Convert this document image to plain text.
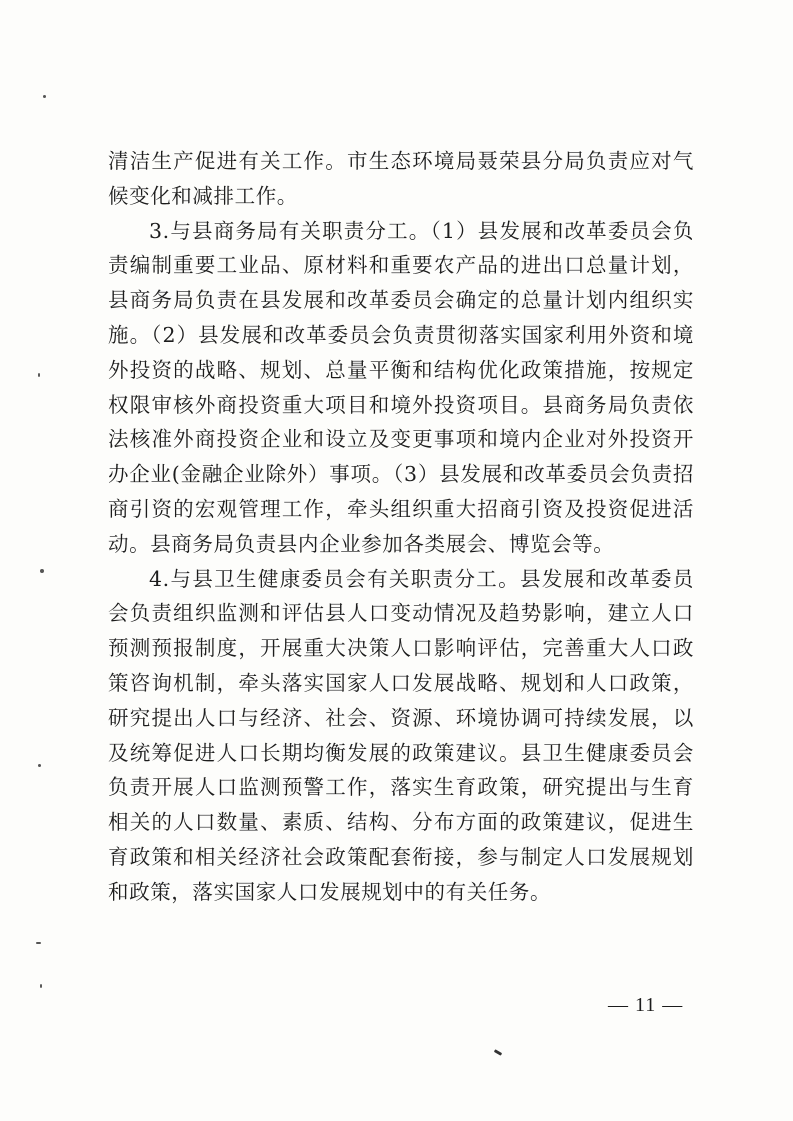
清洁生产促进有关工作。市生态环境局聂荣县分局负责应对气候变化和减排工作。

3.与县商务局有关职责分工。（1）县发展和改革委员会负责编制重要工业品、原材料和重要农产品的进出口总量计划，县商务局负责在县发展和改革委员会确定的总量计划内组织实施。（2）县发展和改革委员会负责贯彻落实国家利用外资和境外投资的战略、规划、总量平衡和结构优化政策措施，按规定权限审核外商投资重大项目和境外投资项目。县商务局负责依法核准外商投资企业和设立及变更事项和境内企业对外投资开办企业(金融企业除外）事项。（3）县发展和改革委员会负责招商引资的宏观管理工作，牵头组织重大招商引资及投资促进活动。县商务局负责县内企业参加各类展会、博览会等。

4.与县卫生健康委员会有关职责分工。县发展和改革委员会负责组织监测和评估县人口变动情况及趋势影响，建立人口预测预报制度，开展重大决策人口影响评估，完善重大人口政策咨询机制，牵头落实国家人口发展战略、规划和人口政策，研究提出人口与经济、社会、资源、环境协调可持续发展，以及统筹促进人口长期均衡发展的政策建议。县卫生健康委员会负责开展人口监测预警工作，落实生育政策，研究提出与生育相关的人口数量、素质、结构、分布方面的政策建议，促进生育政策和相关经济社会政策配套衔接，参与制定人口发展规划和政策，落实国家人口发展规划中的有关任务。

— 11 —
